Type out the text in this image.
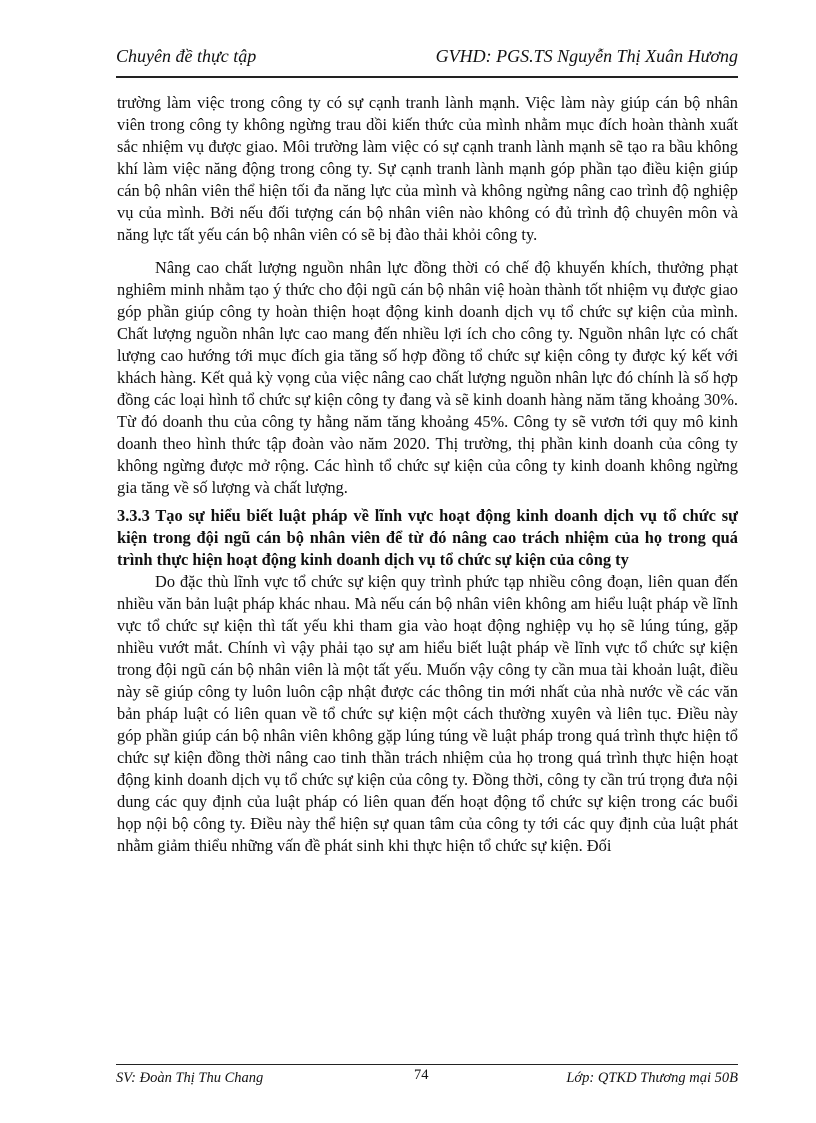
Chuyên đề thực tập	GVHD: PGS.TS Nguyễn Thị Xuân Hương

trường làm việc trong công ty có sự cạnh tranh lành mạnh. Việc làm này giúp cán bộ nhân viên trong công ty không ngừng trau dồi kiến thức của mình nhằm mục đích hoàn thành xuất sắc nhiệm vụ được giao. Môi trường làm việc có sự cạnh tranh lành mạnh sẽ tạo ra bầu không khí làm việc năng động trong công ty. Sự cạnh tranh lành mạnh góp phần tạo điều kiện giúp cán bộ nhân viên thể hiện tối đa năng lực của mình và không ngừng nâng cao trình độ nghiệp vụ của mình. Bởi nếu đối tượng cán bộ nhân viên nào không có đủ trình độ chuyên môn và năng lực tất yếu cán bộ nhân viên có sẽ bị đào thải khỏi công ty.

Nâng cao chất lượng nguồn nhân lực đồng thời có chế độ khuyến khích, thưởng phạt nghiêm minh nhằm tạo ý thức cho đội ngũ cán bộ nhân việ hoàn thành tốt nhiệm vụ được giao góp phần giúp công ty hoàn thiện hoạt động kinh doanh dịch vụ tổ chức sự kiện của mình. Chất lượng nguồn nhân lực cao mang đến nhiều lợi ích cho công ty. Nguồn nhân lực có chất lượng cao hướng tới mục đích gia tăng số hợp đồng tổ chức sự kiện công ty được ký kết với khách hàng. Kết quả kỳ vọng của việc nâng cao chất lượng nguồn nhân lực đó chính là số hợp đồng các loại hình tổ chức sự kiện công ty đang và sẽ kinh doanh hàng năm tăng khoảng 30%. Từ đó doanh thu của công ty hằng năm tăng khoảng 45%. Công ty sẽ vươn tới quy mô kinh doanh theo hình thức tập đoàn vào năm 2020. Thị trường, thị phần kinh doanh của công ty không ngừng được mở rộng. Các hình tổ chức sự kiện của công ty kinh doanh không ngừng gia tăng về số lượng và chất lượng.

3.3.3 Tạo sự hiểu biết luật pháp về lĩnh vực hoạt động kinh doanh dịch vụ tổ chức sự kiện trong đội ngũ cán bộ nhân viên để từ đó nâng cao trách nhiệm của họ trong quá trình thực hiện hoạt động kinh doanh dịch vụ tổ chức sự kiện của công ty

Do đặc thù lĩnh vực tổ chức sự kiện quy trình phức tạp nhiều công đoạn, liên quan đến nhiều văn bản luật pháp khác nhau. Mà nếu cán bộ nhân viên không am hiểu luật pháp về lĩnh vực tổ chức sự kiện thì tất yếu khi tham gia vào hoạt động nghiệp vụ họ sẽ lúng túng, gặp nhiều vướt mắt. Chính vì vậy phải tạo sự am hiểu biết luật pháp về lĩnh vực tổ chức sự kiện trong đội ngũ cán bộ nhân viên là một tất yếu. Muốn vậy công ty cần mua tài khoản luật, điều này sẽ giúp công ty luôn luôn cập nhật được các thông tin mới nhất của nhà nước về các văn bản pháp luật có liên quan về tổ chức sự kiện một cách thường xuyên và liên tục. Điều này góp phần giúp cán bộ nhân viên không gặp lúng túng về luật pháp trong quá trình thực hiện tổ chức sự kiện đồng thời nâng cao tinh thần trách nhiệm của họ trong quá trình thực hiện hoạt động kinh doanh dịch vụ tổ chức sự kiện của công ty. Đồng thời, công ty cần trú trọng đưa nội dung các quy định của luật pháp có liên quan đến hoạt động tổ chức sự kiện trong các buổi họp nội bộ công ty. Điều này thể hiện sự quan tâm của công ty tới các quy định của luật phát nhằm giảm thiểu những vấn đề phát sinh khi thực hiện tổ chức sự kiện. Đối

SV: Đoàn Thị Thu Chang	74	Lớp: QTKD Thương mại 50B
